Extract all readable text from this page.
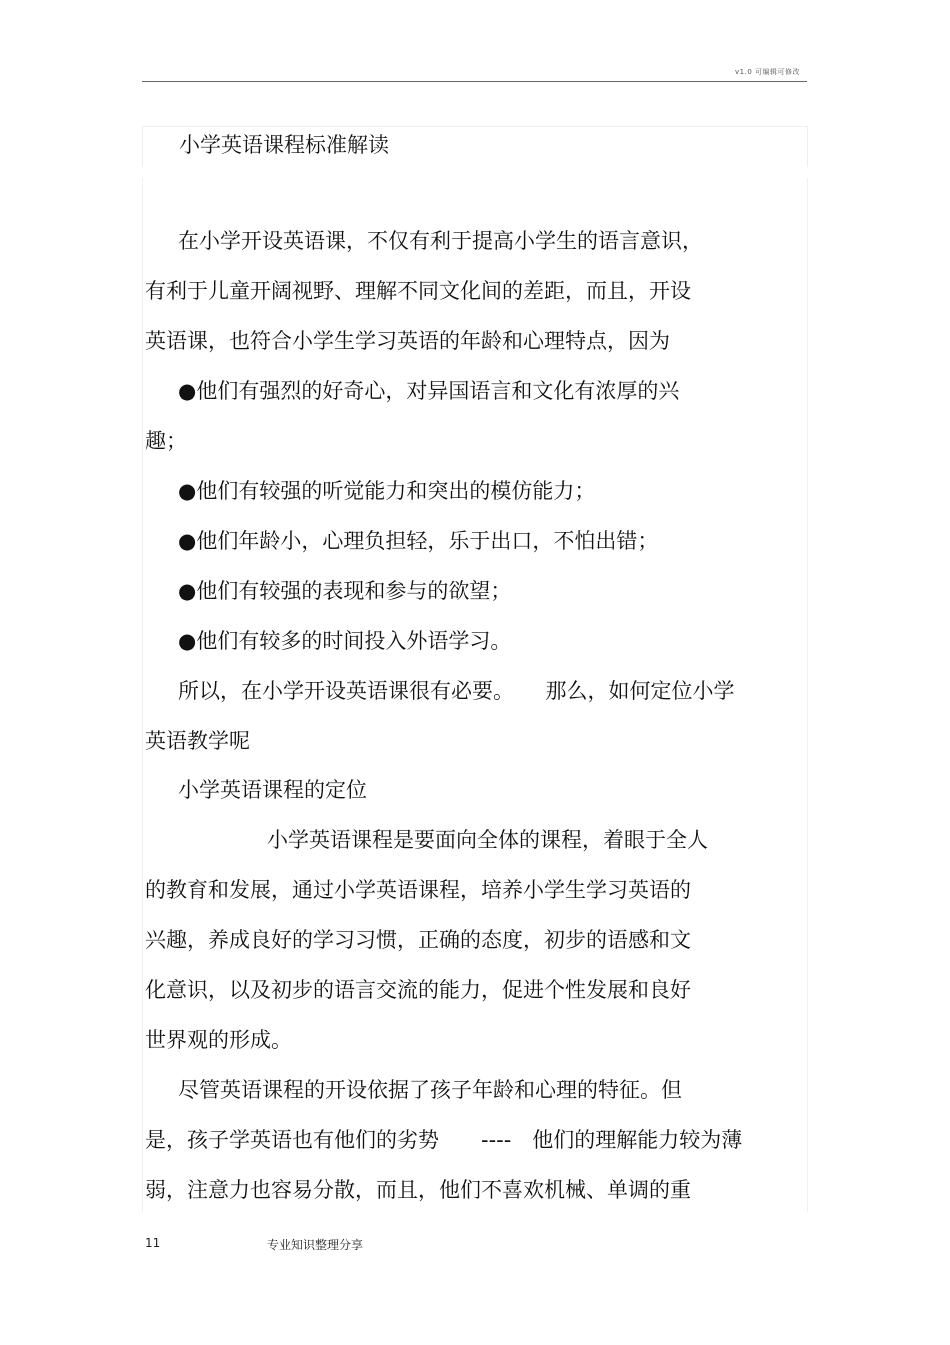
v1.0 可编辑可修改
小学英语课程标准解读
在小学开设英语课，不仅有利于提高小学生的语言意识，
有利于儿童开阔视野、理解不同文化间的差距，而且，开设
英语课，也符合小学生学习英语的年龄和心理特点，因为
●他们有强烈的好奇心，对异国语言和文化有浓厚的兴
趣；
●他们有较强的听觉能力和突出的模仿能力；
●他们年龄小，心理负担轻，乐于出口，不怕出错；
●他们有较强的表现和参与的欲望；
●他们有较多的时间投入外语学习。
所以，在小学开设英语课很有必要。　　那么，如何定位小学
英语教学呢
小学英语课程的定位
小学英语课程是要面向全体的课程，着眼于全人
的教育和发展，通过小学英语课程，培养小学生学习英语的
兴趣，养成良好的学习习惯，正确的态度，初步的语感和文
化意识，以及初步的语言交流的能力，促进个性发展和良好
世界观的形成。
尽管英语课程的开设依据了孩子年龄和心理的特征。但
是，孩子学英语也有他们的劣势　　----　他们的理解能力较为薄
弱，注意力也容易分散，而且，他们不喜欢机械、单调的重
11	专业知识整理分享
